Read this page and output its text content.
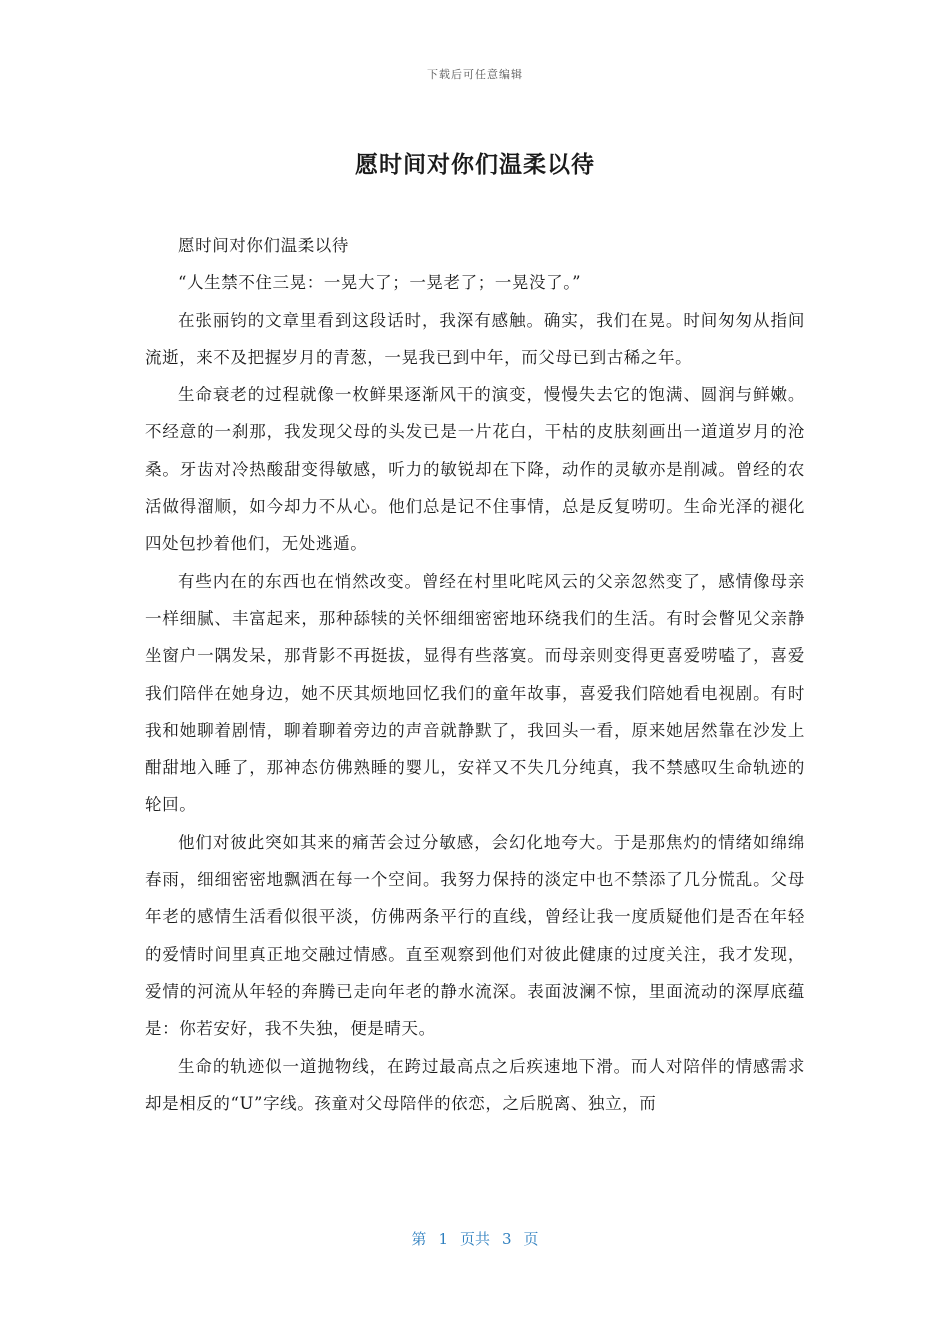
下载后可任意编辑
愿时间对你们温柔以待

愿时间对你们温柔以待

“人生禁不住三晃：一晃大了；一晃老了；一晃没了。”

在张丽钧的文章里看到这段话时，我深有感触。确实，我们在晃。时间匆匆从指间流逝，来不及把握岁月的青葱，一晃我已到中年，而父母已到古稀之年。

生命衰老的过程就像一枚鲜果逐渐风干的演变，慢慢失去它的饱满、圆润与鲜嫩。不经意的一刹那，我发现父母的头发已是一片花白，干枯的皮肤刻画出一道道岁月的沧桑。牙齿对冷热酸甜变得敏感，听力的敏锐却在下降，动作的灵敏亦是削减。曾经的农活做得溜顺，如今却力不从心。他们总是记不住事情，总是反复唠叨。生命光泽的褪化四处包抄着他们，无处逃遁。

有些内在的东西也在悄然改变。曾经在村里叱咤风云的父亲忽然变了，感情像母亲一样细腻、丰富起来，那种舔犊的关怀细细密密地环绕我们的生活。有时会瞥见父亲静坐窗户一隅发呆，那背影不再挺拔，显得有些落寞。而母亲则变得更喜爱唠嗑了，喜爱我们陪伴在她身边，她不厌其烦地回忆我们的童年故事，喜爱我们陪她看电视剧。有时我和她聊着剧情，聊着聊着旁边的声音就静默了，我回头一看，原来她居然靠在沙发上酣甜地入睡了，那神态仿佛熟睡的婴儿，安祥又不失几分纯真，我不禁感叹生命轨迹的轮回。

他们对彼此突如其来的痛苦会过分敏感，会幻化地夸大。于是那焦灼的情绪如绵绵春雨，细细密密地飘洒在每一个空间。我努力保持的淡定中也不禁添了几分慌乱。父母年老的感情生活看似很平淡，仿佛两条平行的直线，曾经让我一度质疑他们是否在年轻的爱情时间里真正地交融过情感。直至观察到他们对彼此健康的过度关注，我才发现，爱情的河流从年轻的奔腾已走向年老的静水流深。表面波澜不惊，里面流动的深厚底蕴是：你若安好，我不失独，便是晴天。

生命的轨迹似一道抛物线，在跨过最高点之后疾速地下滑。而人对陪伴的情感需求却是相反的“U”字线。孩童对父母陪伴的依恋，之后脱离、独立，而

第 1 页共 3 页
